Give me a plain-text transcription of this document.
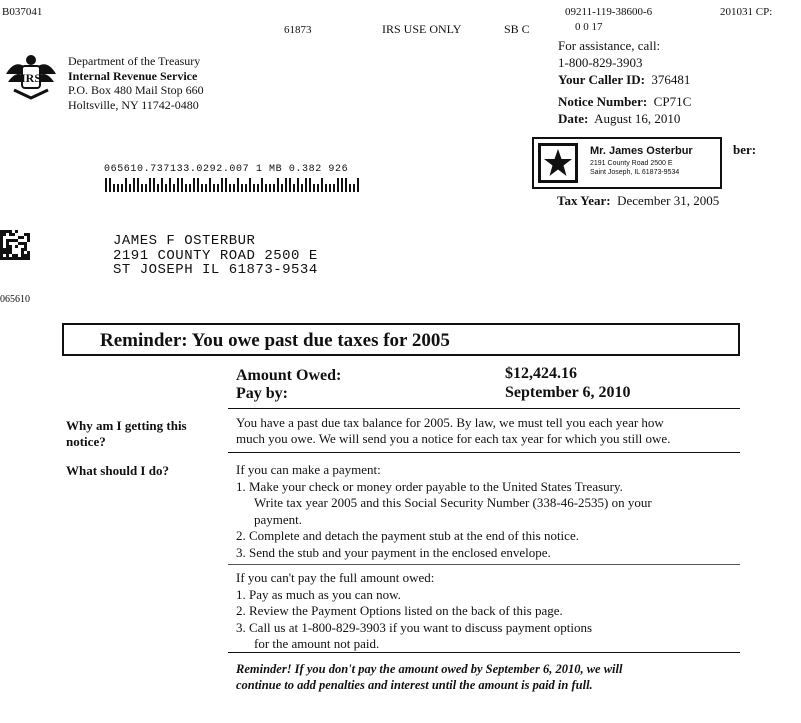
B037041
61873	IRS USE ONLY	SB C
09211-119-38600-6	201031 CP:
0 0 17
IRS
Department of the Treasury
Internal Revenue Service
P.O. Box 480 Mail Stop 660
Holtsville, NY 11742-0480
For assistance, call:
1-800-829-3903
Your Caller ID: 376481
Notice Number: CP71C
Date: August 16, 2010
065610.737133.0292.007 1 MB 0.382 926
Mr. James Osterbur
2191 County Road 2500 E
Saint Joseph, IL 61873-9534
ber:
Tax Year: December 31, 2005
JAMES F OSTERBUR
2191 COUNTY ROAD 2500 E
ST JOSEPH IL 61873-9534
065610
Reminder: You owe past due taxes for 2005
Amount Owed:	$12,424.16
Pay by:	September 6, 2010
Why am I getting this
notice?
You have a past due tax balance for 2005. By law, we must tell you each year how
much you owe. We will send you a notice for each tax year for which you still owe.
What should I do?	If you can make a payment:
1. Make your check or money order payable to the United States Treasury.
Write tax year 2005 and this Social Security Number (338-46-2535) on your
payment.
2. Complete and detach the payment stub at the end of this notice.
3. Send the stub and your payment in the enclosed envelope.
If you can't pay the full amount owed:
1. Pay as much as you can now.
2. Review the Payment Options listed on the back of this page.
3. Call us at 1-800-829-3903 if you want to discuss payment options
for the amount not paid.
Reminder! If you don't pay the amount owed by September 6, 2010, we will
continue to add penalties and interest until the amount is paid in full.
